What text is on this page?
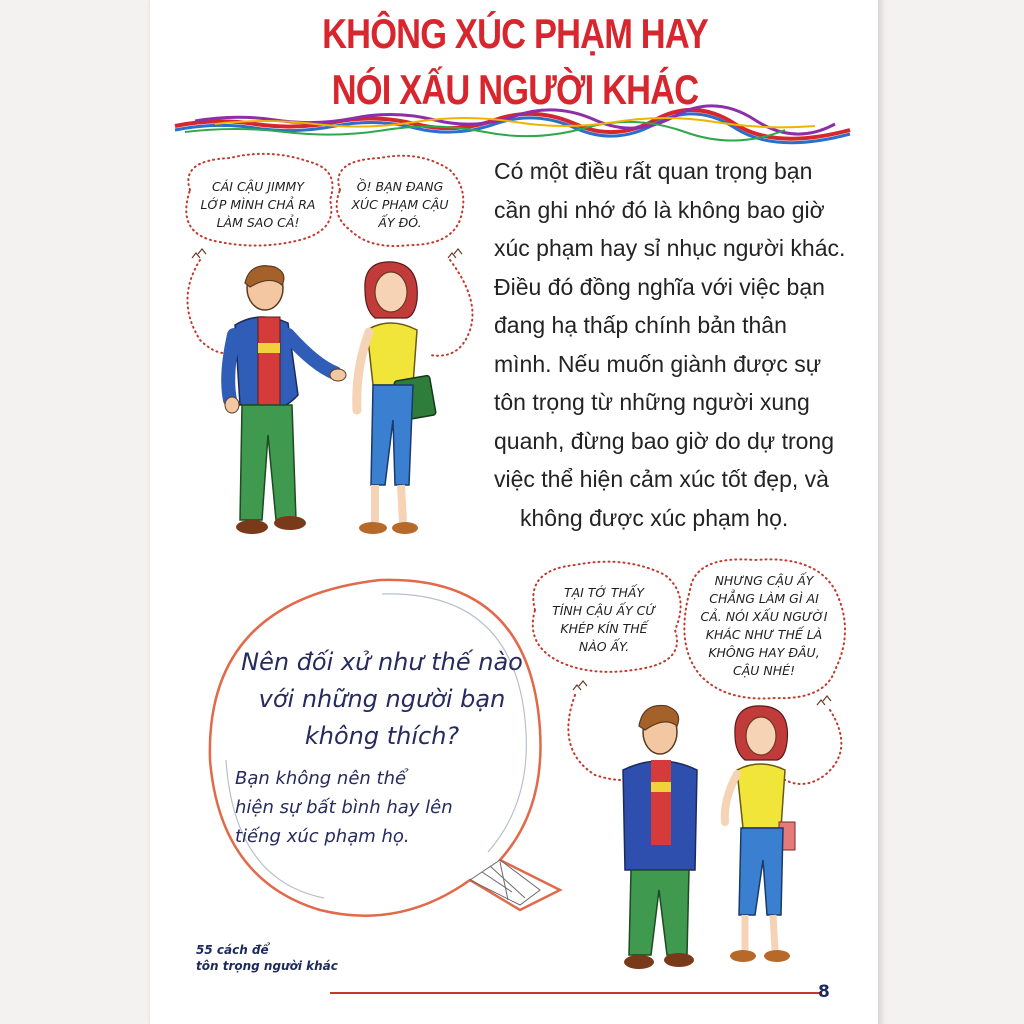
KHÔNG XÚC PHẠM HAY
NÓI XẤU NGƯỜI KHÁC
Có một điều rất quan trọng bạn
cần ghi nhớ đó là không bao giờ
xúc phạm hay sỉ nhục người khác.
Điều đó đồng nghĩa với việc bạn
đang hạ thấp chính bản thân
mình. Nếu muốn giành được sự
tôn trọng từ những người xung
quanh, đừng bao giờ do dự trong
việc thể hiện cảm xúc tốt đẹp, và
không được xúc phạm họ.
CÁI CẬU JIMMY
LỚP MÌNH CHẢ RA
LÀM SAO CẢ!
Ồ! BẠN ĐANG
XÚC PHẠM CẬU
ẤY ĐÓ.
Nên đối xử như thế nào
với những người bạn
không thích?
Bạn không nên thể
hiện sự bất bình hay lên
tiếng xúc phạm họ.
TẠI TỚ THẤY
TÍNH CẬU ẤY CỨ
KHÉP KÍN THẾ
NÀO ẤY.
NHƯNG CẬU ẤY
CHẲNG LÀM GÌ AI
CẢ. NÓI XẤU NGƯỜI
KHÁC NHƯ THẾ LÀ
KHÔNG HAY ĐÂU,
CẬU NHÉ!
55 cách để
tôn trọng người khác
8
